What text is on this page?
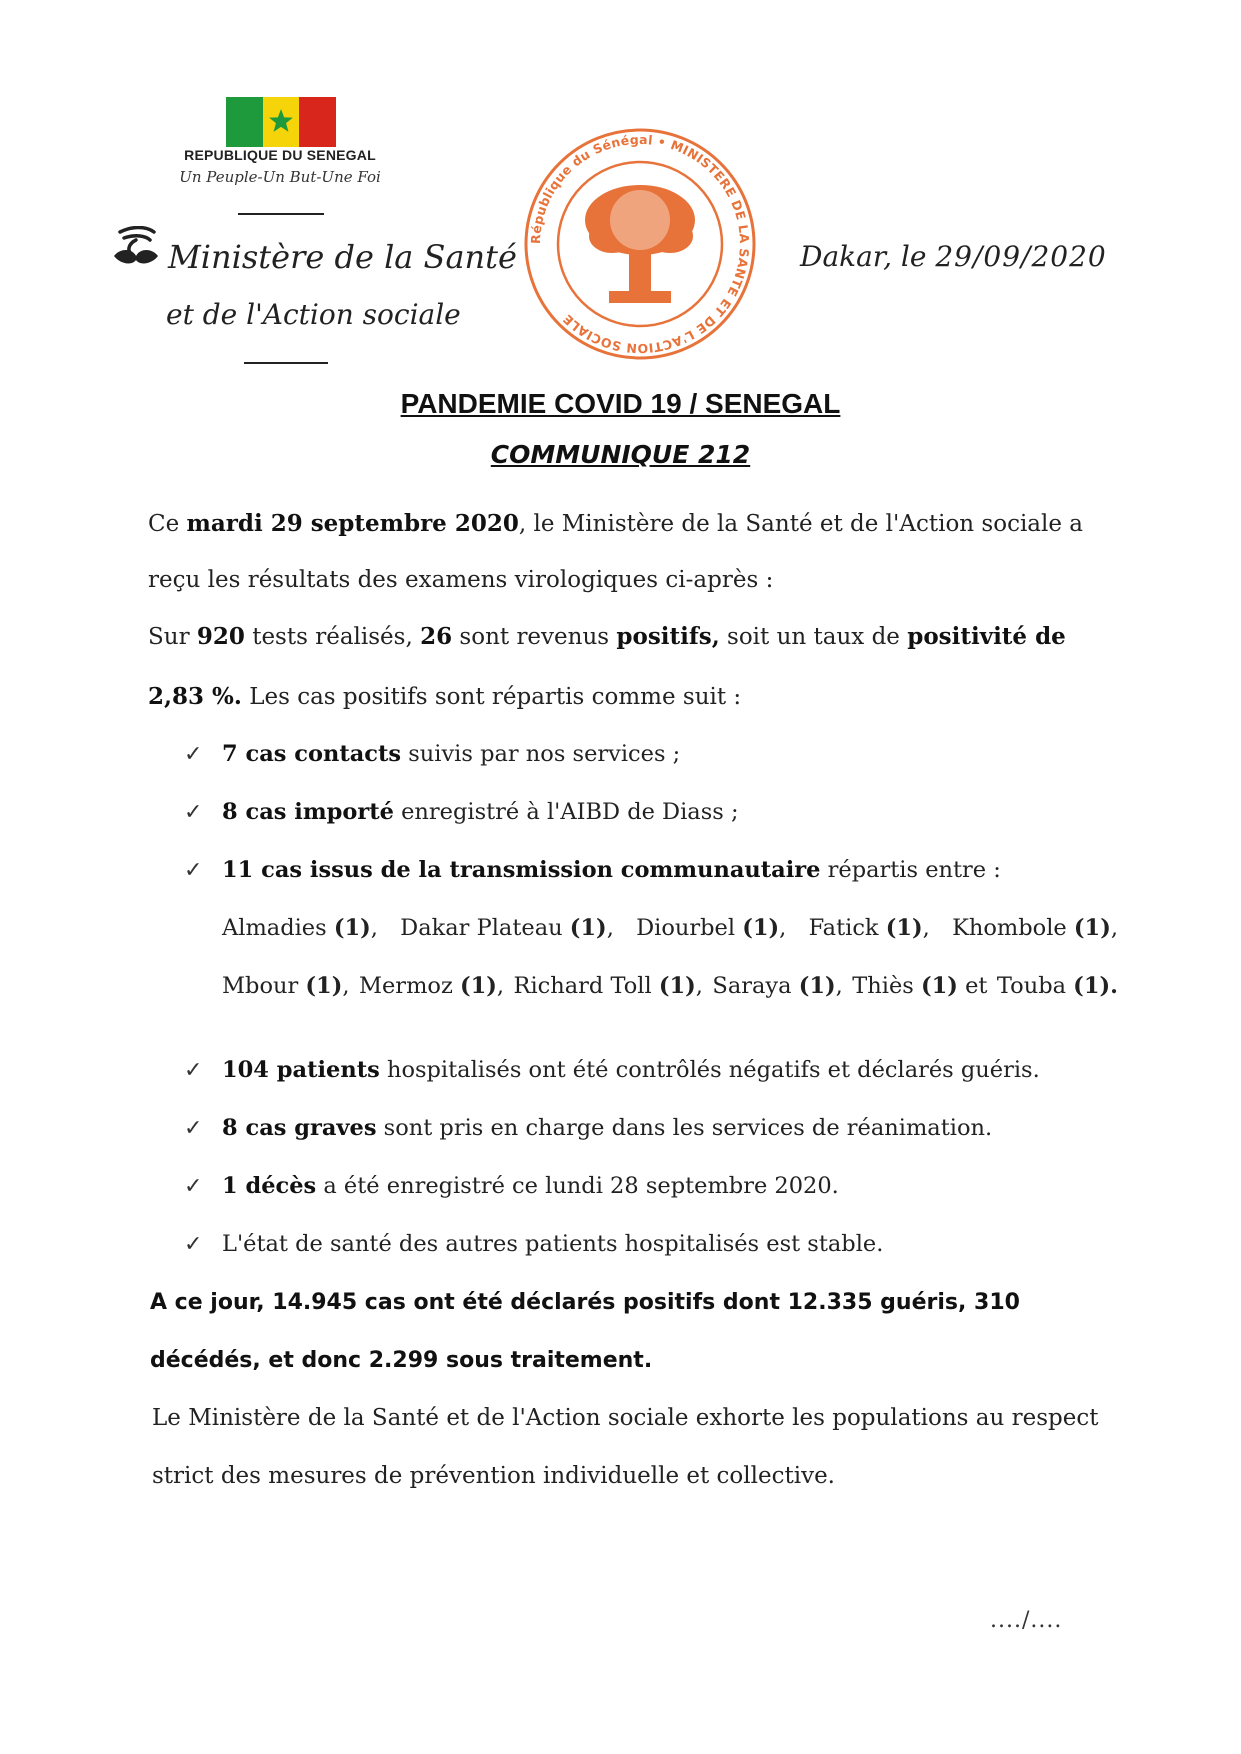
REPUBLIQUE DU SENEGAL
Un Peuple-Un But-Une Foi
Ministère de la Santé
et de l'Action sociale
République du Sénégal • MINISTERE DE LA SANTE ET DE L'ACTION SOCIALE
Dakar, le 29/09/2020
PANDEMIE COVID 19 / SENEGAL
COMMUNIQUE 212
Ce mardi 29 septembre 2020, le Ministère de la Santé et de l'Action sociale a
reçu les résultats des examens virologiques ci-après :
Sur 920 tests réalisés, 26 sont revenus positifs, soit un taux de positivité de
2,83 %. Les cas positifs sont répartis comme suit :
✓ 7 cas contacts suivis par nos services ;
✓ 8 cas importé enregistré à l'AIBD de Diass ;
✓ 11 cas issus de la transmission communautaire répartis entre :
Almadies (1), Dakar Plateau (1), Diourbel (1), Fatick (1), Khombole (1),
Mbour (1), Mermoz (1), Richard Toll (1), Saraya (1), Thiès (1) et Touba (1).
✓ 104 patients hospitalisés ont été contrôlés négatifs et déclarés guéris.
✓ 8 cas graves sont pris en charge dans les services de réanimation.
✓ 1 décès a été enregistré ce lundi 28 septembre 2020.
✓ L'état de santé des autres patients hospitalisés est stable.
A ce jour, 14.945 cas ont été déclarés positifs dont 12.335 guéris, 310
décédés, et donc 2.299 sous traitement.
Le Ministère de la Santé et de l'Action sociale exhorte les populations au respect
strict des mesures de prévention individuelle et collective.
..../....
